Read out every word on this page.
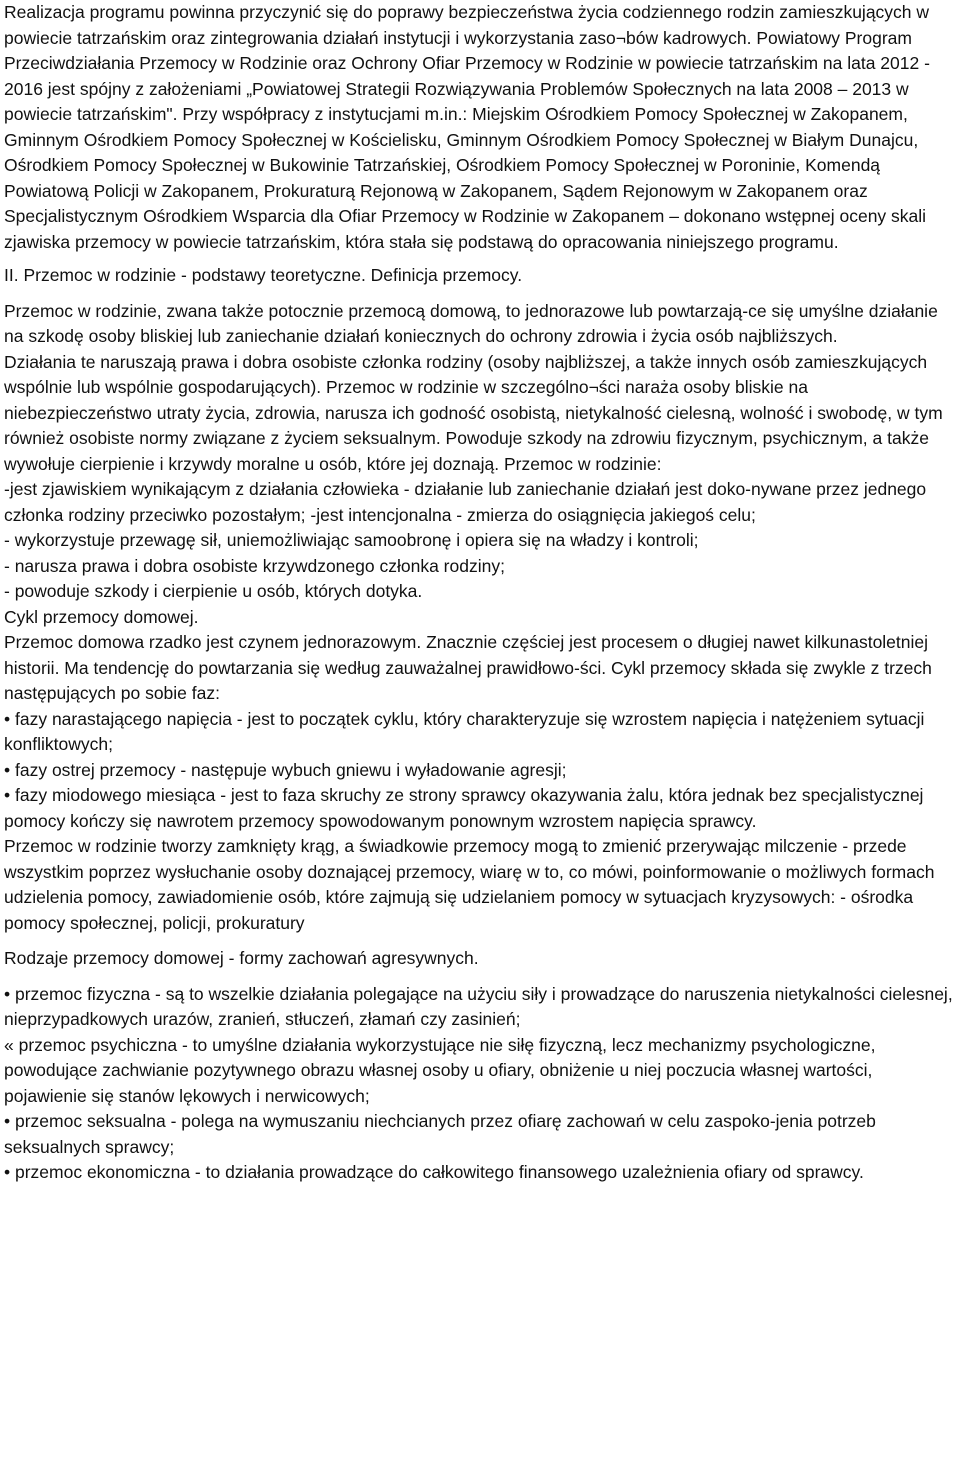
Realizacja programu powinna przyczynić się do poprawy bezpieczeństwa życia codziennego rodzin zamieszkujących w powiecie tatrzańskim oraz zintegrowania działań instytucji i wykorzystania zaso¬bów kadrowych. Powiatowy Program Przeciwdziałania Przemocy w Rodzinie oraz Ochrony Ofiar Przemocy w Rodzinie w powiecie tatrzańskim na lata 2012 - 2016 jest spójny z założeniami „Powiatowej Strategii Rozwiązywania Problemów Społecznych na lata 2008 – 2013 w powiecie tatrzańskim". Przy współpracy z instytucjami m.in.: Miejskim Ośrodkiem Pomocy Społecznej w Zakopanem, Gminnym Ośrodkiem Pomocy Społecznej w Kościelisku, Gminnym Ośrodkiem Pomocy Społecznej w Białym Dunajcu, Ośrodkiem Pomocy Społecznej w Bukowinie Tatrzańskiej, Ośrodkiem Pomocy Społecznej w Poroninie, Komendą Powiatową Policji w Zakopanem, Prokuraturą Rejonową w Zakopanem, Sądem Rejonowym w Zakopanem oraz Specjalistycznym Ośrodkiem Wsparcia dla Ofiar Przemocy w Rodzinie w Zakopanem – dokonano wstępnej oceny skali zjawiska przemocy w powiecie tatrzańskim, która stała się podstawą do opracowania niniejszego programu.

II. Przemoc w rodzinie - podstawy teoretyczne. Definicja przemocy.

Przemoc w rodzinie, zwana także potocznie przemocą domową, to jednorazowe lub powtarzają-ce się umyślne działanie na szkodę osoby bliskiej lub zaniechanie działań koniecznych do ochrony zdrowia i życia osób najbliższych.

Działania te naruszają prawa i dobra osobiste członka rodziny (osoby najbliższej, a także innych osób zamieszkujących wspólnie lub wspólnie gospodarujących). Przemoc w rodzinie w szczególno¬ści naraża osoby bliskie na niebezpieczeństwo utraty życia, zdrowia, narusza ich godność osobistą, nietykalność cielesną, wolność i swobodę, w tym również osobiste normy związane z życiem seksualnym. Powoduje szkody na zdrowiu fizycznym, psychicznym, a także wywołuje cierpienie i krzywdy moralne u osób, które jej doznają. Przemoc w rodzinie:

-jest zjawiskiem wynikającym z działania człowieka - działanie lub zaniechanie działań jest doko-nywane przez jednego członka rodziny przeciwko pozostałym; -jest intencjonalna - zmierza do osiągnięcia jakiegoś celu;

- wykorzystuje przewagę sił, uniemożliwiając samoobronę i opiera się na władzy i kontroli;

- narusza prawa i dobra osobiste krzywdzonego członka rodziny;

- powoduje szkody i cierpienie u osób, których dotyka.

Cykl przemocy domowej.

Przemoc domowa rzadko jest czynem jednorazowym. Znacznie częściej jest procesem o długiej nawet kilkunastoletniej historii. Ma tendencję do powtarzania się według zauważalnej prawidłowo-ści. Cykl przemocy składa się zwykle z trzech następujących po sobie faz:

• fazy narastającego napięcia - jest to początek cyklu, który charakteryzuje się wzrostem napięcia i natężeniem sytuacji konfliktowych;

• fazy ostrej przemocy - następuje wybuch gniewu i wyładowanie agresji;

• fazy miodowego miesiąca - jest to faza skruchy ze strony sprawcy okazywania żalu, która jednak bez specjalistycznej pomocy kończy się nawrotem przemocy spowodowanym ponownym wzrostem napięcia sprawcy.

Przemoc w rodzinie tworzy zamknięty krąg, a świadkowie przemocy mogą to zmienić przerywając milczenie - przede wszystkim poprzez wysłuchanie osoby doznającej przemocy, wiarę w to, co mówi, poinformowanie o możliwych formach udzielenia pomocy, zawiadomienie osób, które zajmują się udzielaniem pomocy w sytuacjach kryzysowych: - ośrodka pomocy społecznej, policji, prokuratury

Rodzaje przemocy domowej - formy zachowań agresywnych.

• przemoc fizyczna - są to wszelkie działania polegające na użyciu siły i prowadzące do naruszenia nietykalności cielesnej, nieprzypadkowych urazów, zranień, stłuczeń, złamań czy zasinień;

« przemoc psychiczna - to umyślne działania wykorzystujące nie siłę fizyczną, lecz mechanizmy psychologiczne, powodujące zachwianie pozytywnego obrazu własnej osoby u ofiary, obniżenie u niej poczucia własnej wartości, pojawienie się stanów lękowych i nerwicowych;

• przemoc seksualna - polega na wymuszaniu niechcianych przez ofiarę zachowań w celu zaspoko-jenia potrzeb seksualnych sprawcy;

• przemoc ekonomiczna - to działania prowadzące do całkowitego finansowego uzależnienia ofiary od sprawcy.
